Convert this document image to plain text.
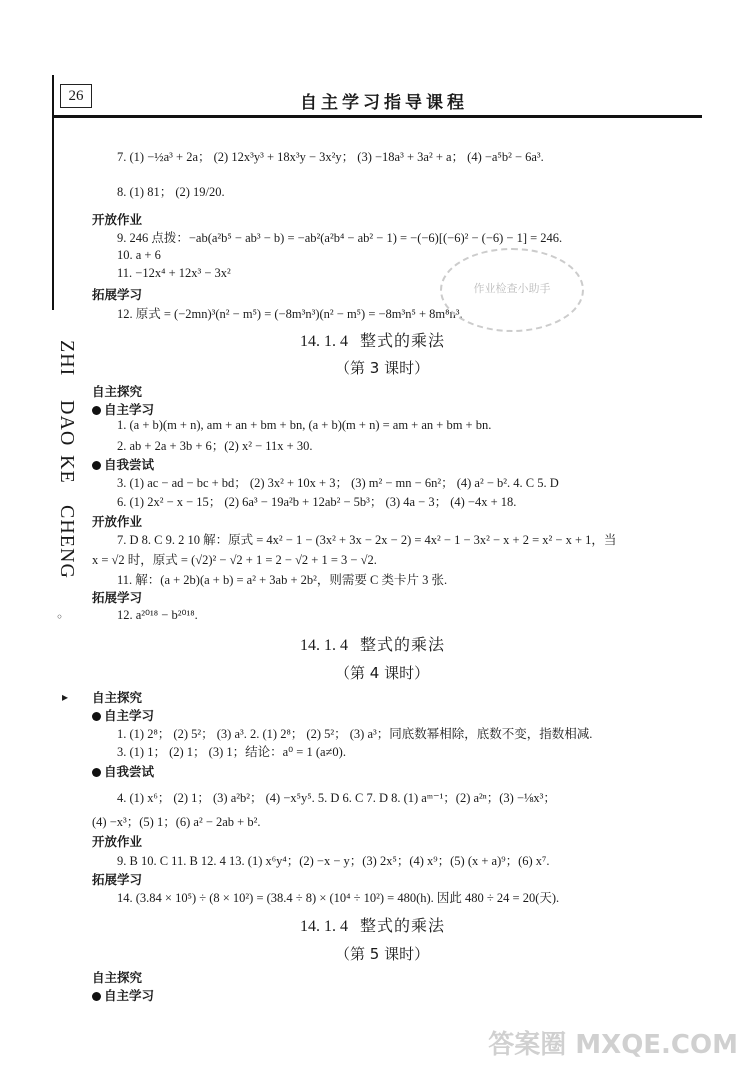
26	自主学习指导课程
ZHI
DAO
KE
CHENG
◦
▸
7. (1) −½a³ + 2a； (2) 12x³y³ + 18x³y − 3x²y； (3) −18a³ + 3a² + a； (4) −a⁵b² − 6a³.
8. (1) 81； (2) 19/20.
开放作业
9. 246 点拨：−ab(a²b⁵ − ab³ − b) = −ab²(a²b⁴ − ab² − 1) = −(−6)[(−6)² − (−6) − 1] = 246.
10. a + 6
11. −12x⁴ + 12x³ − 3x²
拓展学习
12. 原式 = (−2mn)³(n² − m⁵) = (−8m³n³)(n² − m⁵) = −8m³n⁵ + 8m⁸n³.
作业检查小助手
14. 1. 4 整式的乘法
（第 3 课时）
自主探究
自主学习
1. (a + b)(m + n), am + an + bm + bn, (a + b)(m + n) = am + an + bm + bn.
2. ab + 2a + 3b + 6；(2) x² − 11x + 30.
自我尝试
3. (1) ac − ad − bc + bd； (2) 3x² + 10x + 3； (3) m² − mn − 6n²； (4) a² − b². 4. C 5. D
6. (1) 2x² − x − 15； (2) 6a³ − 19a²b + 12ab² − 5b³； (3) 4a − 3； (4) −4x + 18.
开放作业
7. D 8. C 9. 2 10 解：原式 = 4x² − 1 − (3x² + 3x − 2x − 2) = 4x² − 1 − 3x² − x + 2 = x² − x + 1，当
x = √2 时，原式 = (√2)² − √2 + 1 = 2 − √2 + 1 = 3 − √2.
11. 解：(a + 2b)(a + b) = a² + 3ab + 2b²，则需要 C 类卡片 3 张.
拓展学习
12. a²⁰¹⁸ − b²⁰¹⁸.
14. 1. 4 整式的乘法
（第 4 课时）
自主探究
自主学习
1. (1) 2⁸； (2) 5²； (3) a³. 2. (1) 2⁸； (2) 5²； (3) a³；同底数幂相除，底数不变，指数相减.
3. (1) 1； (2) 1； (3) 1；结论：a⁰ = 1 (a≠0).
自我尝试
4. (1) x⁶； (2) 1； (3) a²b²； (4) −x⁵y⁵. 5. D 6. C 7. D 8. (1) aᵐ⁻¹；(2) a²ⁿ；(3) −⅛x³；
(4) −x³；(5) 1；(6) a² − 2ab + b².
开放作业
9. B 10. C 11. B 12. 4 13. (1) x⁶y⁴；(2) −x − y；(3) 2x⁵；(4) x⁹；(5) (x + a)⁹；(6) x⁷.
拓展学习
14. (3.84 × 10⁵) ÷ (8 × 10²) = (38.4 ÷ 8) × (10⁴ ÷ 10²) = 480(h). 因此 480 ÷ 24 = 20(天).
14. 1. 4 整式的乘法
（第 5 课时）
自主探究
自主学习
答案圈 MXQE.COM
